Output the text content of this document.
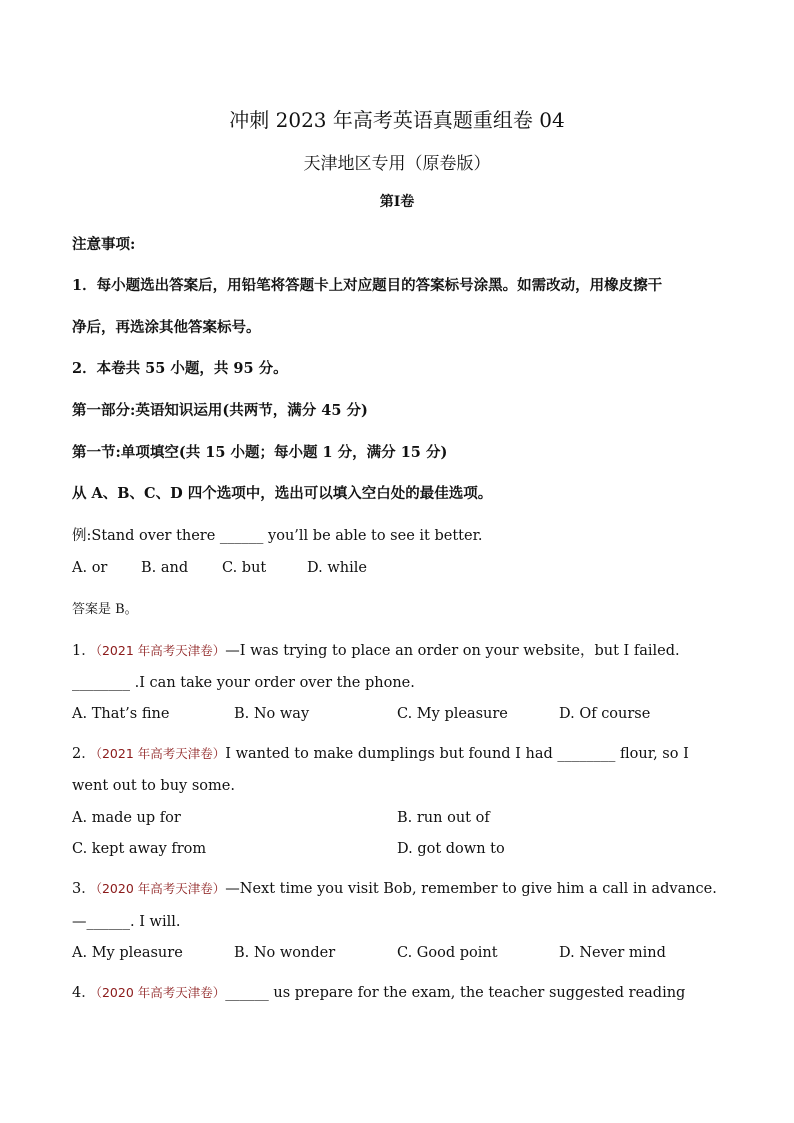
冲刺 2023 年高考英语真题重组卷 04
天津地区专用（原卷版）
第I卷
注意事项:
1．每小题选出答案后，用铅笔将答题卡上对应题目的答案标号涂黑。如需改动，用橡皮擦干
净后，再选涂其他答案标号。
2．本卷共 55 小题，共 95 分。
第一部分:英语知识运用(共两节，满分 45 分)
第一节:单项填空(共 15 小题；每小题 1 分，满分 15 分)
从 A、B、C、D 四个选项中，选出可以填入空白处的最佳选项。
例:Stand over there ______ you’ll be able to see it better.
A. or B. and C. but	D. while
答案是 B。
1．（2021 年高考天津卷）—I was trying to place an order on your website，but I failed.
________ .I can take your order over the phone.
A. That’s fine	B. No way	C. My pleasure	D. Of course
2．（2021 年高考天津卷）I wanted to make dumplings but found I had ________ flour, so I
went out to buy some.
A. made up for	B. run out of
C. kept away from	D. got down to
3．（2020 年高考天津卷）—Next time you visit Bob, remember to give him a call in advance.
—______. I will.
A. My pleasure	B. No wonder	C. Good point	D. Never mind
4．（2020 年高考天津卷）______ us prepare for the exam, the teacher suggested reading
